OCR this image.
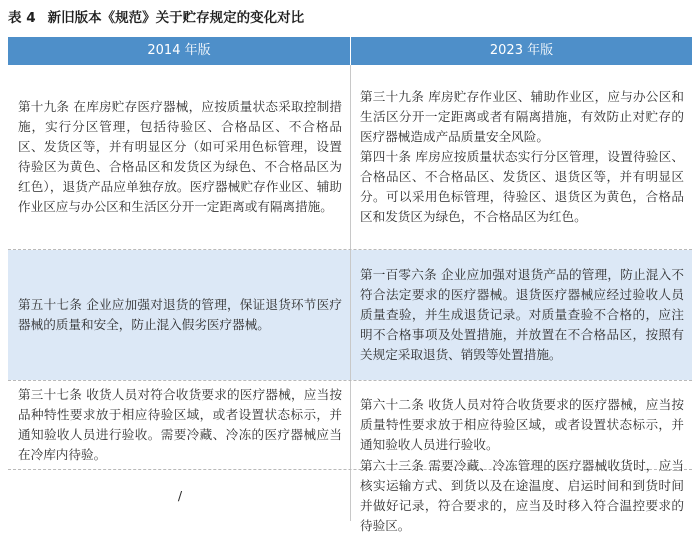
表 4 新旧版本《规范》关于贮存规定的变化对比
2014 年版	2023 年版
第十九条 在库房贮存医疗器械，应按质量状态采取控制措施，实行分区管理，包括待验区、合格品区、不合格品区、发货区等，并有明显区分（如可采用色标管理，设置待验区为黄色、合格品区和发货区为绿色、不合格品区为红色），退货产品应单独存放。医疗器械贮存作业区、辅助作业区应与办公区和生活区分开一定距离或有隔离措施。
第三十九条 库房贮存作业区、辅助作业区，应与办公区和生活区分开一定距离或者有隔离措施，有效防止对贮存的医疗器械造成产品质量安全风险。
第四十条 库房应按质量状态实行分区管理，设置待验区、合格品区、不合格品区、发货区、退货区等，并有明显区分。可以采用色标管理，待验区、退货区为黄色，合格品区和发货区为绿色，不合格品区为红色。
第五十七条 企业应加强对退货的管理，保证退货环节医疗器械的质量和安全，防止混入假劣医疗器械。
第一百零六条 企业应加强对退货产品的管理，防止混入不符合法定要求的医疗器械。退货医疗器械应经过验收人员质量查验，并生成退货记录。对质量查验不合格的，应注明不合格事项及处置措施，并放置在不合格品区，按照有关规定采取退货、销毁等处置措施。
第三十七条 收货人员对符合收货要求的医疗器械，应当按品种特性要求放于相应待验区域，或者设置状态标示，并通知验收人员进行验收。需要冷藏、冷冻的医疗器械应当在冷库内待验。
第六十二条 收货人员对符合收货要求的医疗器械，应当按质量特性要求放于相应待验区域，或者设置状态标示，并通知验收人员进行验收。
/
第六十三条 需要冷藏、冷冻管理的医疗器械收货时，应当核实运输方式、到货以及在途温度、启运时间和到货时间并做好记录，符合要求的，应当及时移入符合温控要求的待验区。
